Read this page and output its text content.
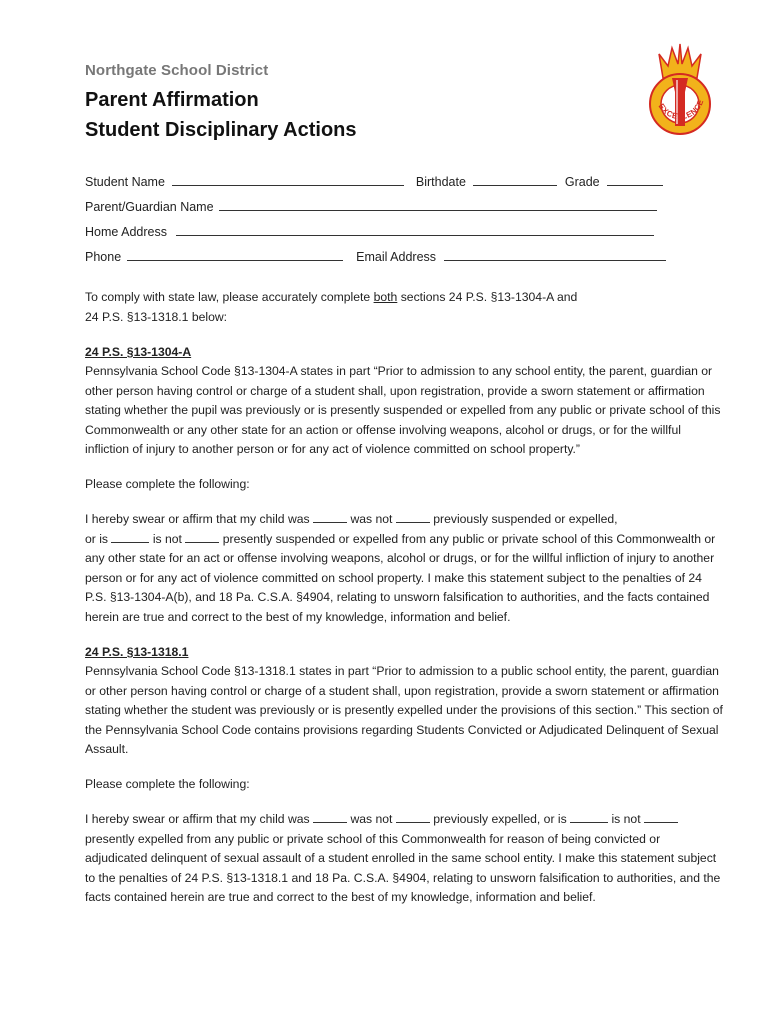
Northgate School District
Parent Affirmation
Student Disciplinary Actions
EXCELLENCE
Student Name	Birthdate	Grade
Parent/Guardian Name
Home Address
Phone	Email Address

To comply with state law, please accurately complete both sections 24 P.S. §13-1304-A and
24 P.S. §13-1318.1 below:

24 P.S. §13-1304-A
Pennsylvania School Code §13-1304-A states in part “Prior to admission to any school entity, the parent, guardian or other person having control or charge of a student shall, upon registration, provide a sworn statement or affirmation stating whether the pupil was previously or is presently suspended or expelled from any public or private school of this Commonwealth or any other state for an action or offense involving weapons, alcohol or drugs, or for the willful infliction of injury to another person or for any act of violence committed on school property.”

Please complete the following:

I hereby swear or affirm that my child was	was not	previously suspended or expelled,
or is	is not	presently suspended or expelled from any public or private school of this Commonwealth or any other state for an act or offense involving weapons, alcohol or drugs, or for the willful infliction of injury to another person or for any act of violence committed on school property. I make this statement subject to the penalties of 24 P.S. §13-1304-A(b), and 18 Pa. C.S.A. §4904, relating to unsworn falsification to authorities, and the facts contained herein are true and correct to the best of my knowledge, information and belief.

24 P.S. §13-1318.1
Pennsylvania School Code §13-1318.1 states in part “Prior to admission to a public school entity, the parent, guardian or other person having control or charge of a student shall, upon registration, provide a sworn statement or affirmation stating whether the student was previously or is presently expelled under the provisions of this section.” This section of the Pennsylvania School Code contains provisions regarding Students Convicted or Adjudicated Delinquent of Sexual Assault.

Please complete the following:

I hereby swear or affirm that my child was	was not	previously expelled, or is	is not  presently expelled from any public or private school of this Commonwealth for reason of being convicted or adjudicated delinquent of sexual assault of a student enrolled in the same school entity. I make this statement subject to the penalties of 24 P.S. §13-1318.1 and 18 Pa. C.S.A. §4904, relating to unsworn falsification to authorities, and the facts contained herein are true and correct to the best of my knowledge, information and belief.
